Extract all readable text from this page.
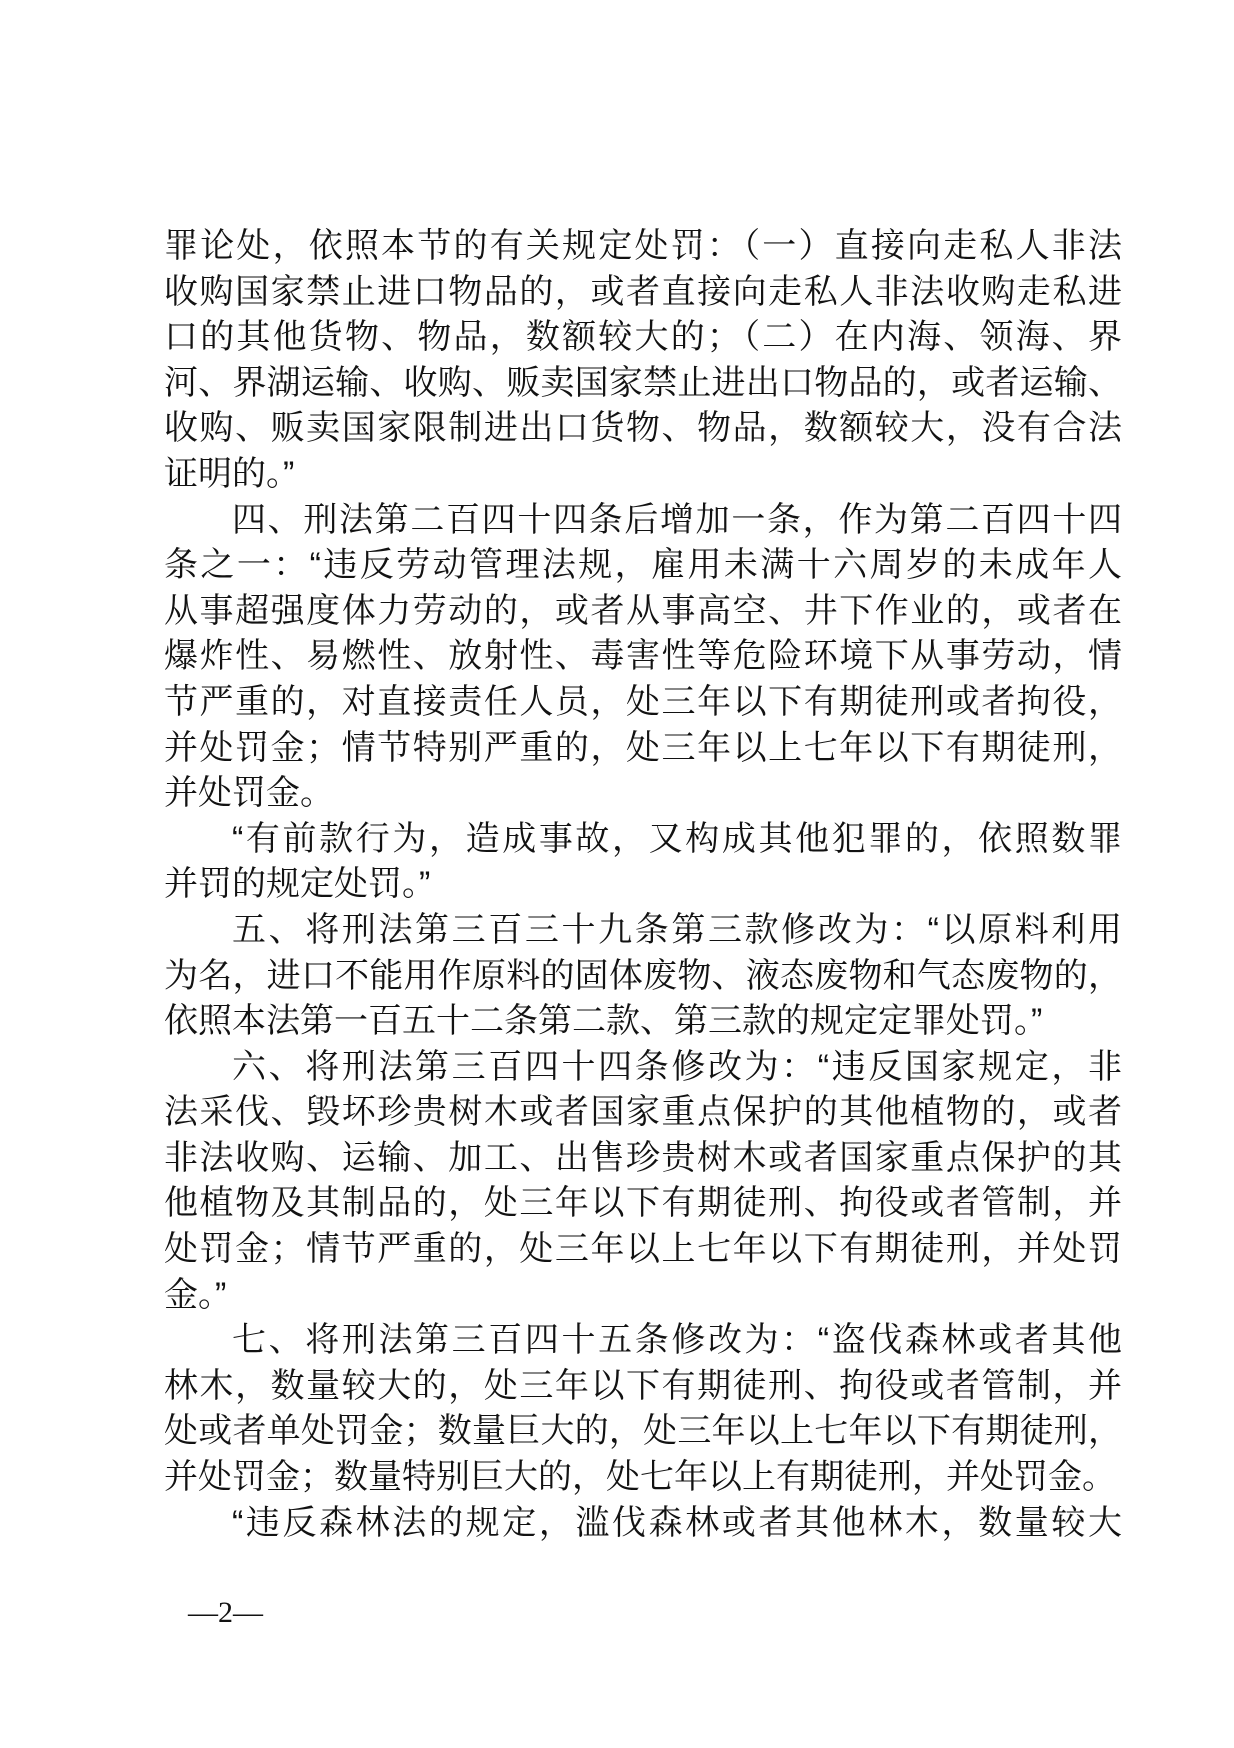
罪论处，依照本节的有关规定处罚：（一）直接向走私人非法
收购国家禁止进口物品的，或者直接向走私人非法收购走私进
口的其他货物、物品，数额较大的；（二）在内海、领海、界
河、界湖运输、收购、贩卖国家禁止进出口物品的，或者运输、
收购、贩卖国家限制进出口货物、物品，数额较大，没有合法
证明的。”
四、刑法第二百四十四条后增加一条，作为第二百四十四
条之一：“违反劳动管理法规，雇用未满十六周岁的未成年人
从事超强度体力劳动的，或者从事高空、井下作业的，或者在
爆炸性、易燃性、放射性、毒害性等危险环境下从事劳动，情
节严重的，对直接责任人员，处三年以下有期徒刑或者拘役，
并处罚金；情节特别严重的，处三年以上七年以下有期徒刑，
并处罚金。
“有前款行为，造成事故，又构成其他犯罪的，依照数罪
并罚的规定处罚。”
五、将刑法第三百三十九条第三款修改为：“以原料利用
为名，进口不能用作原料的固体废物、液态废物和气态废物的，
依照本法第一百五十二条第二款、第三款的规定定罪处罚。”
六、将刑法第三百四十四条修改为：“违反国家规定，非
法采伐、毁坏珍贵树木或者国家重点保护的其他植物的，或者
非法收购、运输、加工、出售珍贵树木或者国家重点保护的其
他植物及其制品的，处三年以下有期徒刑、拘役或者管制，并
处罚金；情节严重的，处三年以上七年以下有期徒刑，并处罚
金。”
七、将刑法第三百四十五条修改为：“盗伐森林或者其他
林木，数量较大的，处三年以下有期徒刑、拘役或者管制，并
处或者单处罚金；数量巨大的，处三年以上七年以下有期徒刑，
并处罚金；数量特别巨大的，处七年以上有期徒刑，并处罚金。
“违反森林法的规定，滥伐森林或者其他林木，数量较大
—2—
